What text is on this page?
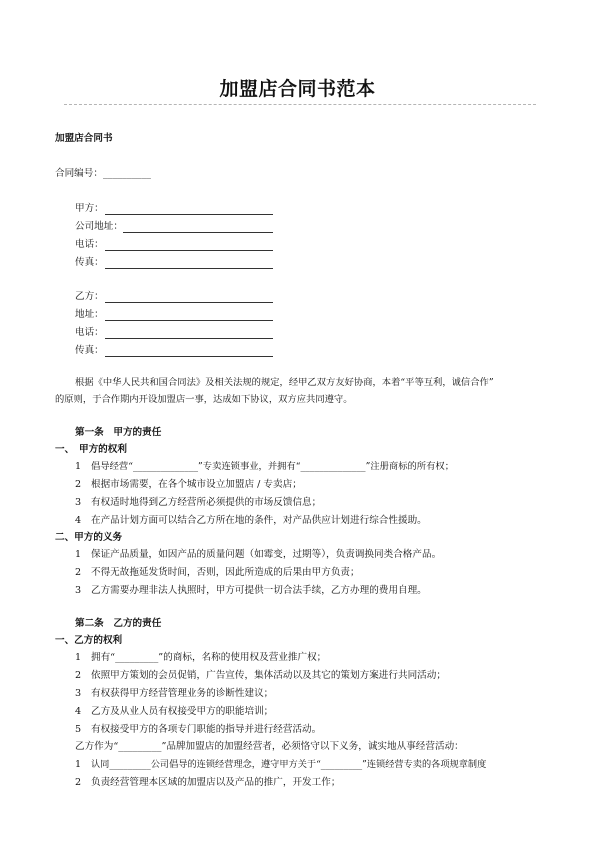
加盟店合同书范本
加盟店合同书
合同编号：__________
甲方：
公司地址：
电话：
传真：
乙方：
地址：
电话：
传真：
根据《中华人民共和国合同法》及相关法规的规定，经甲乙双方友好协商，本着“平等互利，诚信合作”
的原则，于合作期内开设加盟店一事，达成如下协议，双方应共同遵守。
第一条　甲方的责任
一、　甲方的权利
1 倡导经营“______________”专卖连锁事业，并拥有“______________”注册商标的所有权；
2 根据市场需要，在各个城市设立加盟店 / 专卖店；
3 有权适时地得到乙方经营所必须提供的市场反馈信息；
4 在产品计划方面可以结合乙方所在地的条件，对产品供应计划进行综合性援助。
二、甲方的义务
1 保证产品质量，如因产品的质量问题（如霉变，过期等），负责调换同类合格产品。
2 不得无故拖延发货时间，否则，因此所造成的后果由甲方负责；
3 乙方需要办理非法人执照时，甲方可提供一切合法手续，乙方办理的费用自理。
第二条　乙方的责任
一、乙方的权利
1 拥有“_________”的商标，名称的使用权及营业推广权；
2 依照甲方策划的会员促销，广告宣传，集体活动以及其它的策划方案进行共同活动；
3 有权获得甲方经营管理业务的诊断性建议；
4 乙方及从业人员有权接受甲方的职能培训；
5 有权接受甲方的各项专门职能的指导并进行经营活动。
乙方作为“_________”品牌加盟店的加盟经营者，必须恪守以下义务，诚实地从事经营活动：
1 认同_________公司倡导的连锁经营理念，遵守甲方关于“_________”连锁经营专卖的各项规章制度
2 负责经营管理本区域的加盟店以及产品的推广，开发工作；
